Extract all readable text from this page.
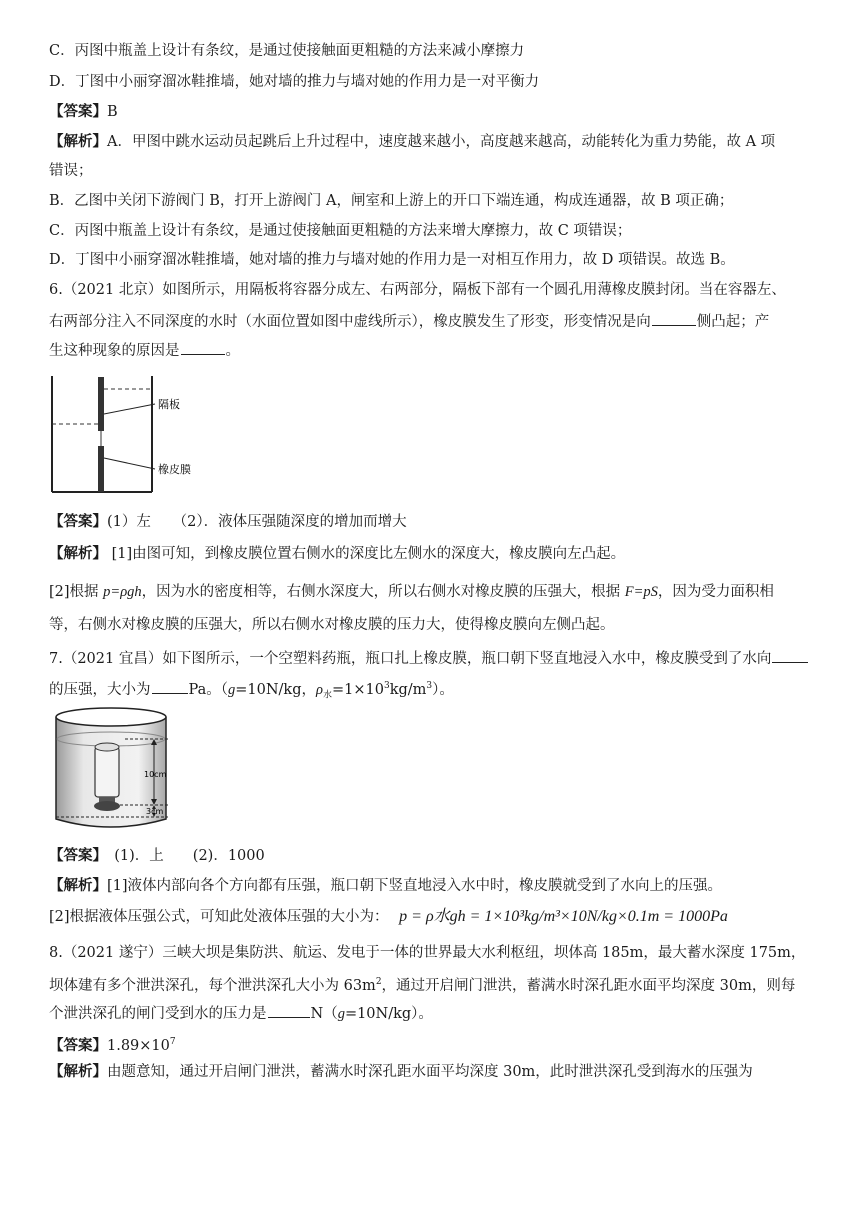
C．丙图中瓶盖上设计有条纹，是通过使接触面更粗糙的方法来减小摩擦力
D．丁图中小丽穿溜冰鞋推墙，她对墙的推力与墙对她的作用力是一对平衡力
【答案】B
【解析】A．甲图中跳水运动员起跳后上升过程中，速度越来越小，高度越来越高，动能转化为重力势能，故 A 项
错误；
B．乙图中关闭下游阀门 B，打开上游阀门 A，闸室和上游上的开口下端连通，构成连通器，故 B 项正确；
C．丙图中瓶盖上设计有条纹，是通过使接触面更粗糙的方法来增大摩擦力，故 C 项错误；
D．丁图中小丽穿溜冰鞋推墙，她对墙的推力与墙对她的作用力是一对相互作用力，故 D 项错误。故选 B。
6.（2021 北京）如图所示，用隔板将容器分成左、右两部分，隔板下部有一个圆孔用薄橡皮膜封闭。当在容器左、
右两部分注入不同深度的水时（水面位置如图中虚线所示），橡皮膜发生了形变，形变情况是向	侧凸起；产
生这种现象的原因是	。
隔板
橡皮膜
【答案】(1）左　　（2）．液体压强随深度的增加而增大
【解析】 [1]由图可知，到橡皮膜位置右侧水的深度比左侧水的深度大，橡皮膜向左凸起。
[2]根据 p=ρgh，因为水的密度相等，右侧水深度大，所以右侧水对橡皮膜的压强大，根据 F=pS，因为受力面积相
等，右侧水对橡皮膜的压强大，所以右侧水对橡皮膜的压力大，使得橡皮膜向左侧凸起。
7.（2021 宜昌）如下图所示，一个空塑料药瓶，瓶口扎上橡皮膜，瓶口朝下竖直地浸入水中，橡皮膜受到了水向
的压强，大小为	Pa。（g=10N/kg，$\rho_水=1\times 10^3kg/m^3$）。
10cm
3cm
【答案】　(1)．上　　(2)．1000
【解析】[1]液体内部向各个方向都有压强，瓶口朝下竖直地浸入水中时，橡皮膜就受到了水向上的压强。
[2]根据液体压强公式，可知此处液体压强的大小为： p = ρ水gh = 1×10³kg/m³×10N/kg×0.1m = 1000Pa
8.（2021 遂宁）三峡大坝是集防洪、航运、发电于一体的世界最大水利枢纽，坝体高 185m，最大蓄水深度 175m，
坝体建有多个泄洪深孔，每个泄洪深孔大小为 $63m^2$，通过开启闸门泄洪，蓄满水时深孔距水面平均深度 30m，则每
个泄洪深孔的闸门受到水的压力是	N（g=10N/kg）。
【答案】$1.89\times 10^7$
【解析】由题意知，通过开启闸门泄洪，蓄满水时深孔距水面平均深度 30m，此时泄洪深孔受到海水的压强为
